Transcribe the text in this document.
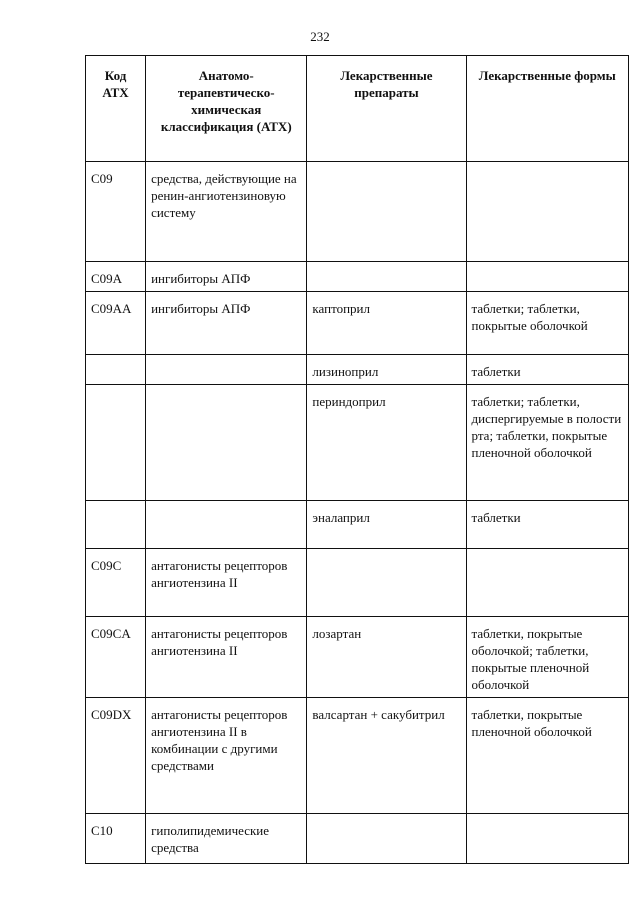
232
Код АТХ	Анатомо-терапевтическо-химическая классификация (АТХ)	Лекарственные препараты	Лекарственные формы

C09	средства, действующие на ренин-ангиотензиновую систему		

C09A	ингибиторы АПФ		

C09AA	ингибиторы АПФ	каптоприл	таблетки; таблетки, покрытые оболочкой

		лизиноприл	таблетки

		периндоприл	таблетки; таблетки, диспергируемые в полости рта; таблетки, покрытые пленочной оболочкой

		эналаприл	таблетки

C09C	антагонисты рецепторов ангиотензина II		

C09CA	антагонисты рецепторов ангиотензина II	лозартан	таблетки, покрытые оболочкой; таблетки, покрытые пленочной оболочкой

C09DX	антагонисты рецепторов ангиотензина II в комбинации с другими средствами	валсартан + сакубитрил	таблетки, покрытые пленочной оболочкой

C10	гиполипидемические средства		
